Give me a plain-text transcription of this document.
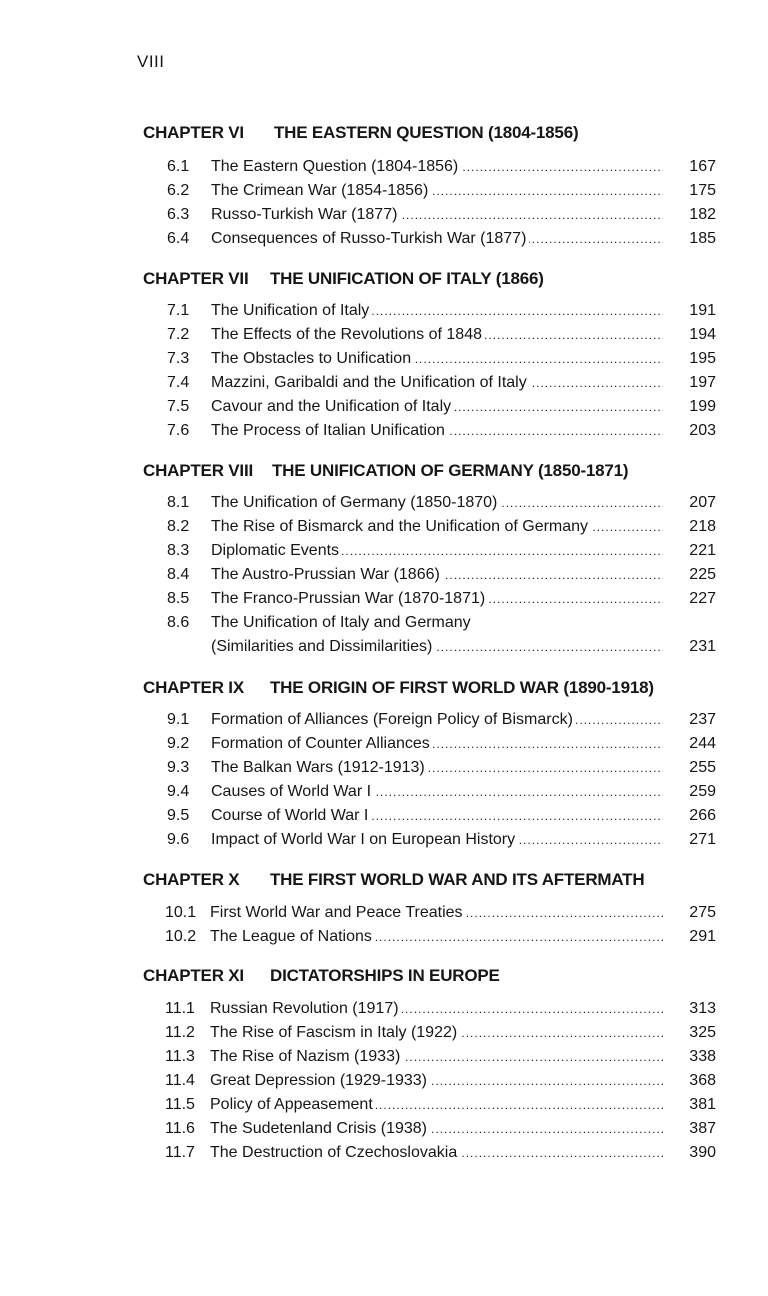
VIII
CHAPTER VI THE EASTERN QUESTION (1804-1856)
6.1 The Eastern Question (1804-1856) .....	167
6.2 The Crimean War (1854-1856) .....	175
6.3 Russo-Turkish War (1877) .....	182
6.4 Consequences of Russo-Turkish War (1877) .....	185
CHAPTER VII THE UNIFICATION OF ITALY (1866)
7.1 The Unification of Italy .....	191
7.2 The Effects of the Revolutions of 1848 .....	194
7.3 The Obstacles to Unification .....	195
7.4 Mazzini, Garibaldi and the Unification of Italy .....	197
7.5 Cavour and the Unification of Italy .....	199
7.6 The Process of Italian Unification .....	203
CHAPTER VIII THE UNIFICATION OF GERMANY (1850-1871)
8.1 The Unification of Germany (1850-1870) .....	207
8.2 The Rise of Bismarck and the Unification of Germany .....	218
8.3 Diplomatic Events .....	221
8.4 The Austro-Prussian War (1866) .....	225
8.5 The Franco-Prussian War (1870-1871) .....	227
8.6 The Unification of Italy and Germany
(Similarities and Dissimilarities) .....	231
CHAPTER IX THE ORIGIN OF FIRST WORLD WAR (1890-1918)
9.1 Formation of Alliances (Foreign Policy of Bismarck) .....	237
9.2 Formation of Counter Alliances .....	244
9.3 The Balkan Wars (1912-1913) .....	255
9.4 Causes of World War I .....	259
9.5 Course of World War I .....	266
9.6 Impact of World War I on European History .....	271
CHAPTER X THE FIRST WORLD WAR AND ITS AFTERMATH
10.1 First World War and Peace Treaties .....	275
10.2 The League of Nations .....	291
CHAPTER XI DICTATORSHIPS IN EUROPE
11.1 Russian Revolution (1917) .....	313
11.2 The Rise of Fascism in Italy (1922) .....	325
11.3 The Rise of Nazism (1933) .....	338
11.4 Great Depression (1929-1933) .....	368
11.5 Policy of Appeasement .....	381
11.6 The Sudetenland Crisis (1938) .....	387
11.7 The Destruction of Czechoslovakia .....	390
